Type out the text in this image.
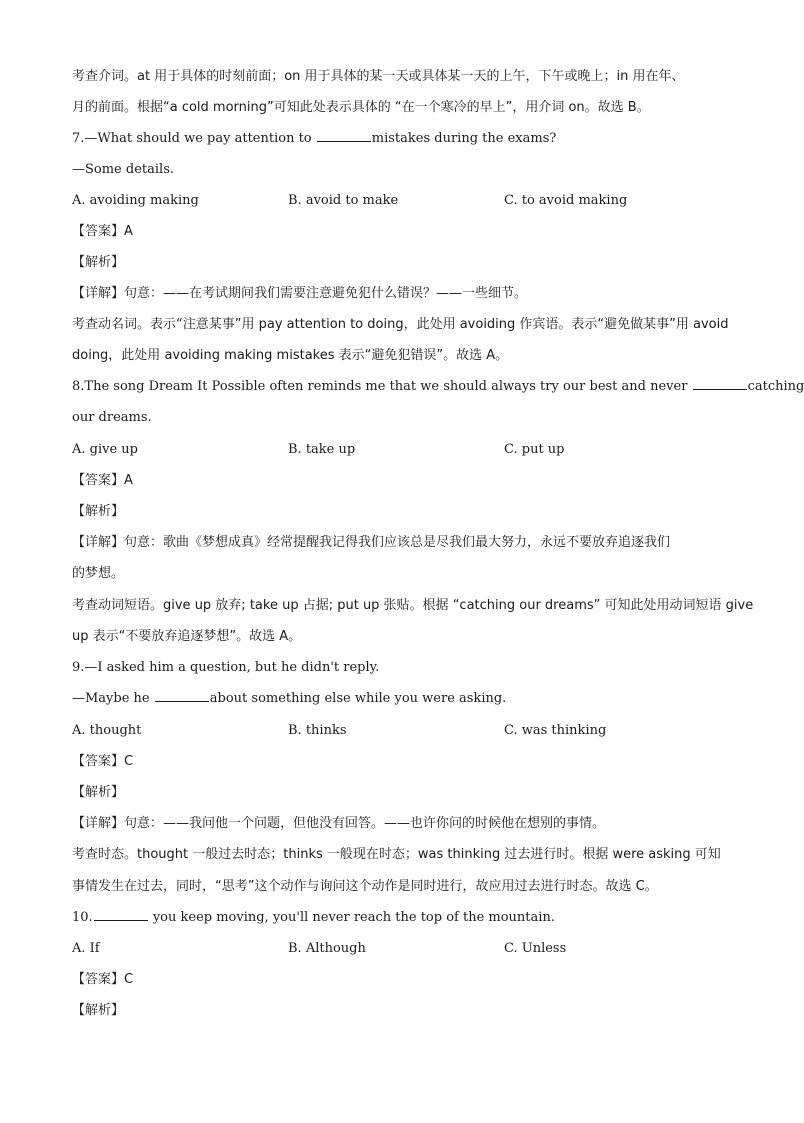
考查介词。at 用于具体的时刻前面；on 用于具体的某一天或具体某一天的上午，下午或晚上；in 用在年、
月的前面。根据“a cold morning”可知此处表示具体的 “在一个寒冷的早上”，用介词 on。故选 B。
7.—What should we pay attention to	mistakes during the exams?
—Some details.
A. avoiding making	B. avoid to make	C. to avoid making
【答案】A
【解析】
【详解】句意：——在考试期间我们需要注意避免犯什么错误？——一些细节。
考查动名词。表示“注意某事”用 pay attention to doing，此处用 avoiding 作宾语。表示“避免做某事”用 avoid
doing，此处用 avoiding making mistakes 表示“避免犯错误”。故选 A。
8.The song Dream It Possible often reminds me that we should always try our best and never	catching
our dreams.
A. give up	B. take up	C. put up
【答案】A
【解析】
【详解】句意：歌曲《梦想成真》经常提醒我记得我们应该总是尽我们最大努力，永远不要放弃追逐我们
的梦想。
考查动词短语。give up 放弃; take up 占据; put up 张贴。根据 “catching our dreams” 可知此处用动词短语 give
up 表示“不要放弃追逐梦想”。故选 A。
9.—I asked him a question, but he didn't reply.
—Maybe he	about something else while you were asking.
A. thought	B. thinks	C. was thinking
【答案】C
【解析】
【详解】句意：——我问他一个问题，但他没有回答。——也许你问的时候他在想别的事情。
考查时态。thought 一般过去时态；thinks 一般现在时态；was thinking 过去进行时。根据 were asking 可知
事情发生在过去，同时，“思考”这个动作与询问这个动作是同时进行，故应用过去进行时态。故选 C。
10.	you keep moving, you'll never reach the top of the mountain.
A. If	B. Although	C. Unless
【答案】C
【解析】
